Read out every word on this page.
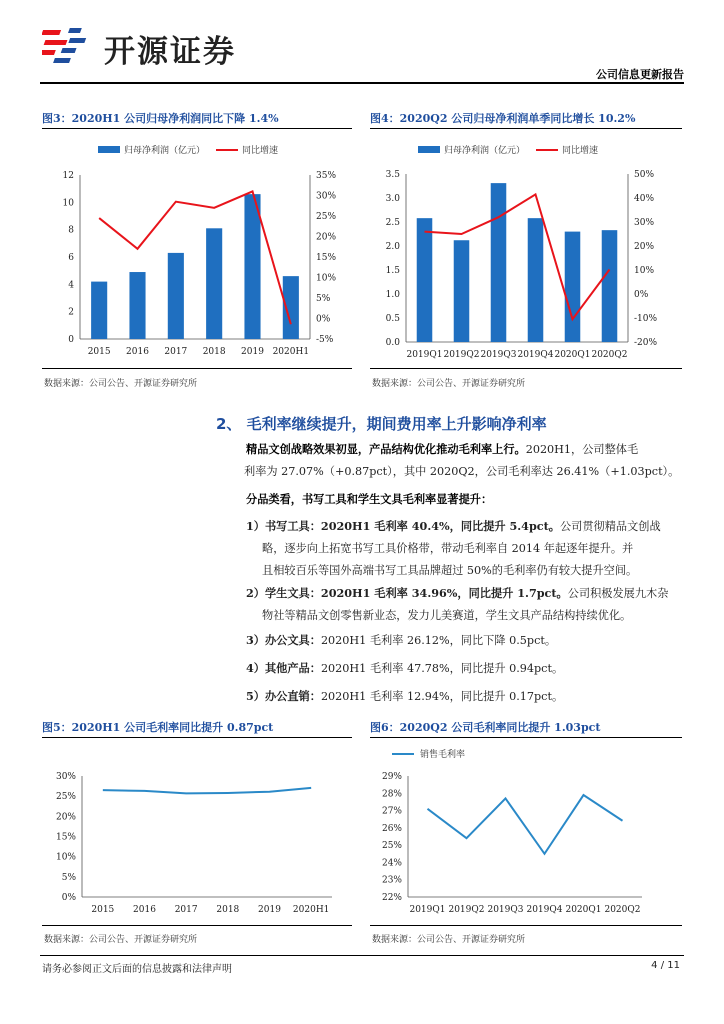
开源证券
公司信息更新报告
图3：2020H1 公司归母净利润同比下降 1.4%
归母净利润（亿元）	同比增速
0
2
4
6
8
10
12
-5%
0%
5%
10%
15%
20%
25%
30%
35%
2015 2016 2017 2018 2019 2020H1
数据来源：公司公告、开源证券研究所
图4：2020Q2 公司归母净利润单季同比增长 10.2%
归母净利润（亿元）	同比增速
0.0
0.5
1.0
1.5
2.0
2.5
3.0
3.5
-20%
-10%
0%
10%
20%
30%
40%
50%
2019Q1 2019Q2 2019Q3 2019Q4 2020Q1 2020Q2
数据来源：公司公告、开源证券研究所
2、 毛利率继续提升，期间费用率上升影响净利率
精品文创战略效果初显，产品结构优化推动毛利率上行。2020H1，公司整体毛
利率为 27.07%（+0.87pct），其中 2020Q2，公司毛利率达 26.41%（+1.03pct）。
分品类看，书写工具和学生文具毛利率显著提升：
1）书写工具：2020H1 毛利率 40.4%，同比提升 5.4pct。公司贯彻精品文创战
略，逐步向上拓宽书写工具价格带，带动毛利率自 2014 年起逐年提升。并
且相较百乐等国外高端书写工具品牌超过 50%的毛利率仍有较大提升空间。
2）学生文具：2020H1 毛利率 34.96%，同比提升 1.7pct。公司积极发展九木杂
物社等精品文创零售新业态，发力儿美赛道，学生文具产品结构持续优化。
3）办公文具：2020H1 毛利率 26.12%，同比下降 0.5pct。
4）其他产品：2020H1 毛利率 47.78%，同比提升 0.94pct。
5）办公直销：2020H1 毛利率 12.94%，同比提升 0.17pct。
图5：2020H1 公司毛利率同比提升 0.87pct
0%
5%
10%
15%
20%
25%
30%
2015 2016 2017 2018 2019 2020H1
数据来源：公司公告、开源证券研究所
图6：2020Q2 公司毛利率同比提升 1.03pct
销售毛利率
22%
23%
24%
25%
26%
27%
28%
29%
2019Q1 2019Q2 2019Q3 2019Q4 2020Q1 2020Q2
数据来源：公司公告、开源证券研究所
请务必参阅正文后面的信息披露和法律声明	4 / 11
